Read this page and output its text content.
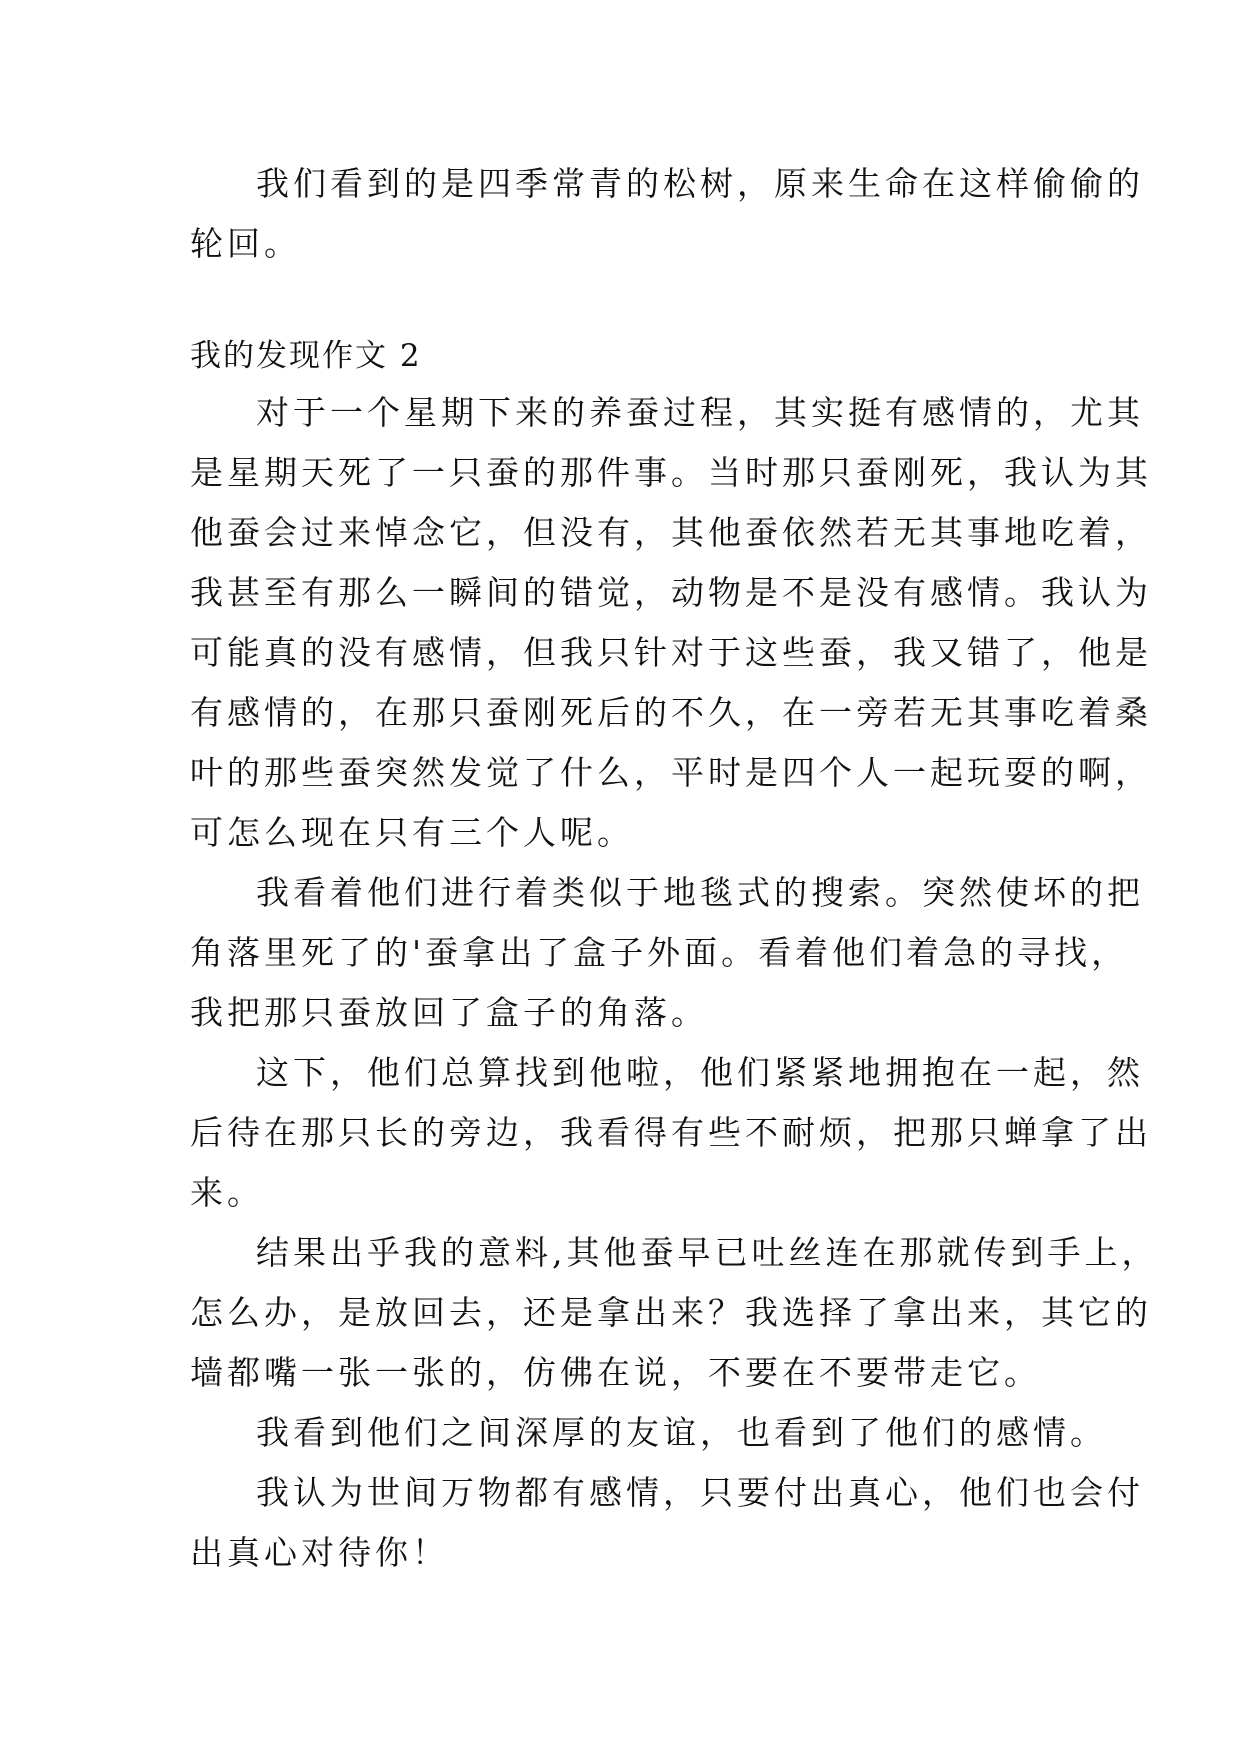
我们看到的是四季常青的松树，原来生命在这样偷偷的
轮回。
我的发现作文 2
对于一个星期下来的养蚕过程，其实挺有感情的，尤其
是星期天死了一只蚕的那件事。当时那只蚕刚死，我认为其
他蚕会过来悼念它，但没有，其他蚕依然若无其事地吃着，
我甚至有那么一瞬间的错觉，动物是不是没有感情。我认为
可能真的没有感情，但我只针对于这些蚕，我又错了，他是
有感情的，在那只蚕刚死后的不久，在一旁若无其事吃着桑
叶的那些蚕突然发觉了什么，平时是四个人一起玩耍的啊，
可怎么现在只有三个人呢。
我看着他们进行着类似于地毯式的搜索。突然使坏的把
角落里死了的'蚕拿出了盒子外面。看着他们着急的寻找，
我把那只蚕放回了盒子的角落。
这下，他们总算找到他啦，他们紧紧地拥抱在一起，然
后待在那只长的旁边，我看得有些不耐烦，把那只蝉拿了出
来。
结果出乎我的意料,其他蚕早已吐丝连在那就传到手上，
怎么办，是放回去，还是拿出来？我选择了拿出来，其它的
墙都嘴一张一张的，仿佛在说，不要在不要带走它。
我看到他们之间深厚的友谊，也看到了他们的感情。
我认为世间万物都有感情，只要付出真心，他们也会付
出真心对待你！
